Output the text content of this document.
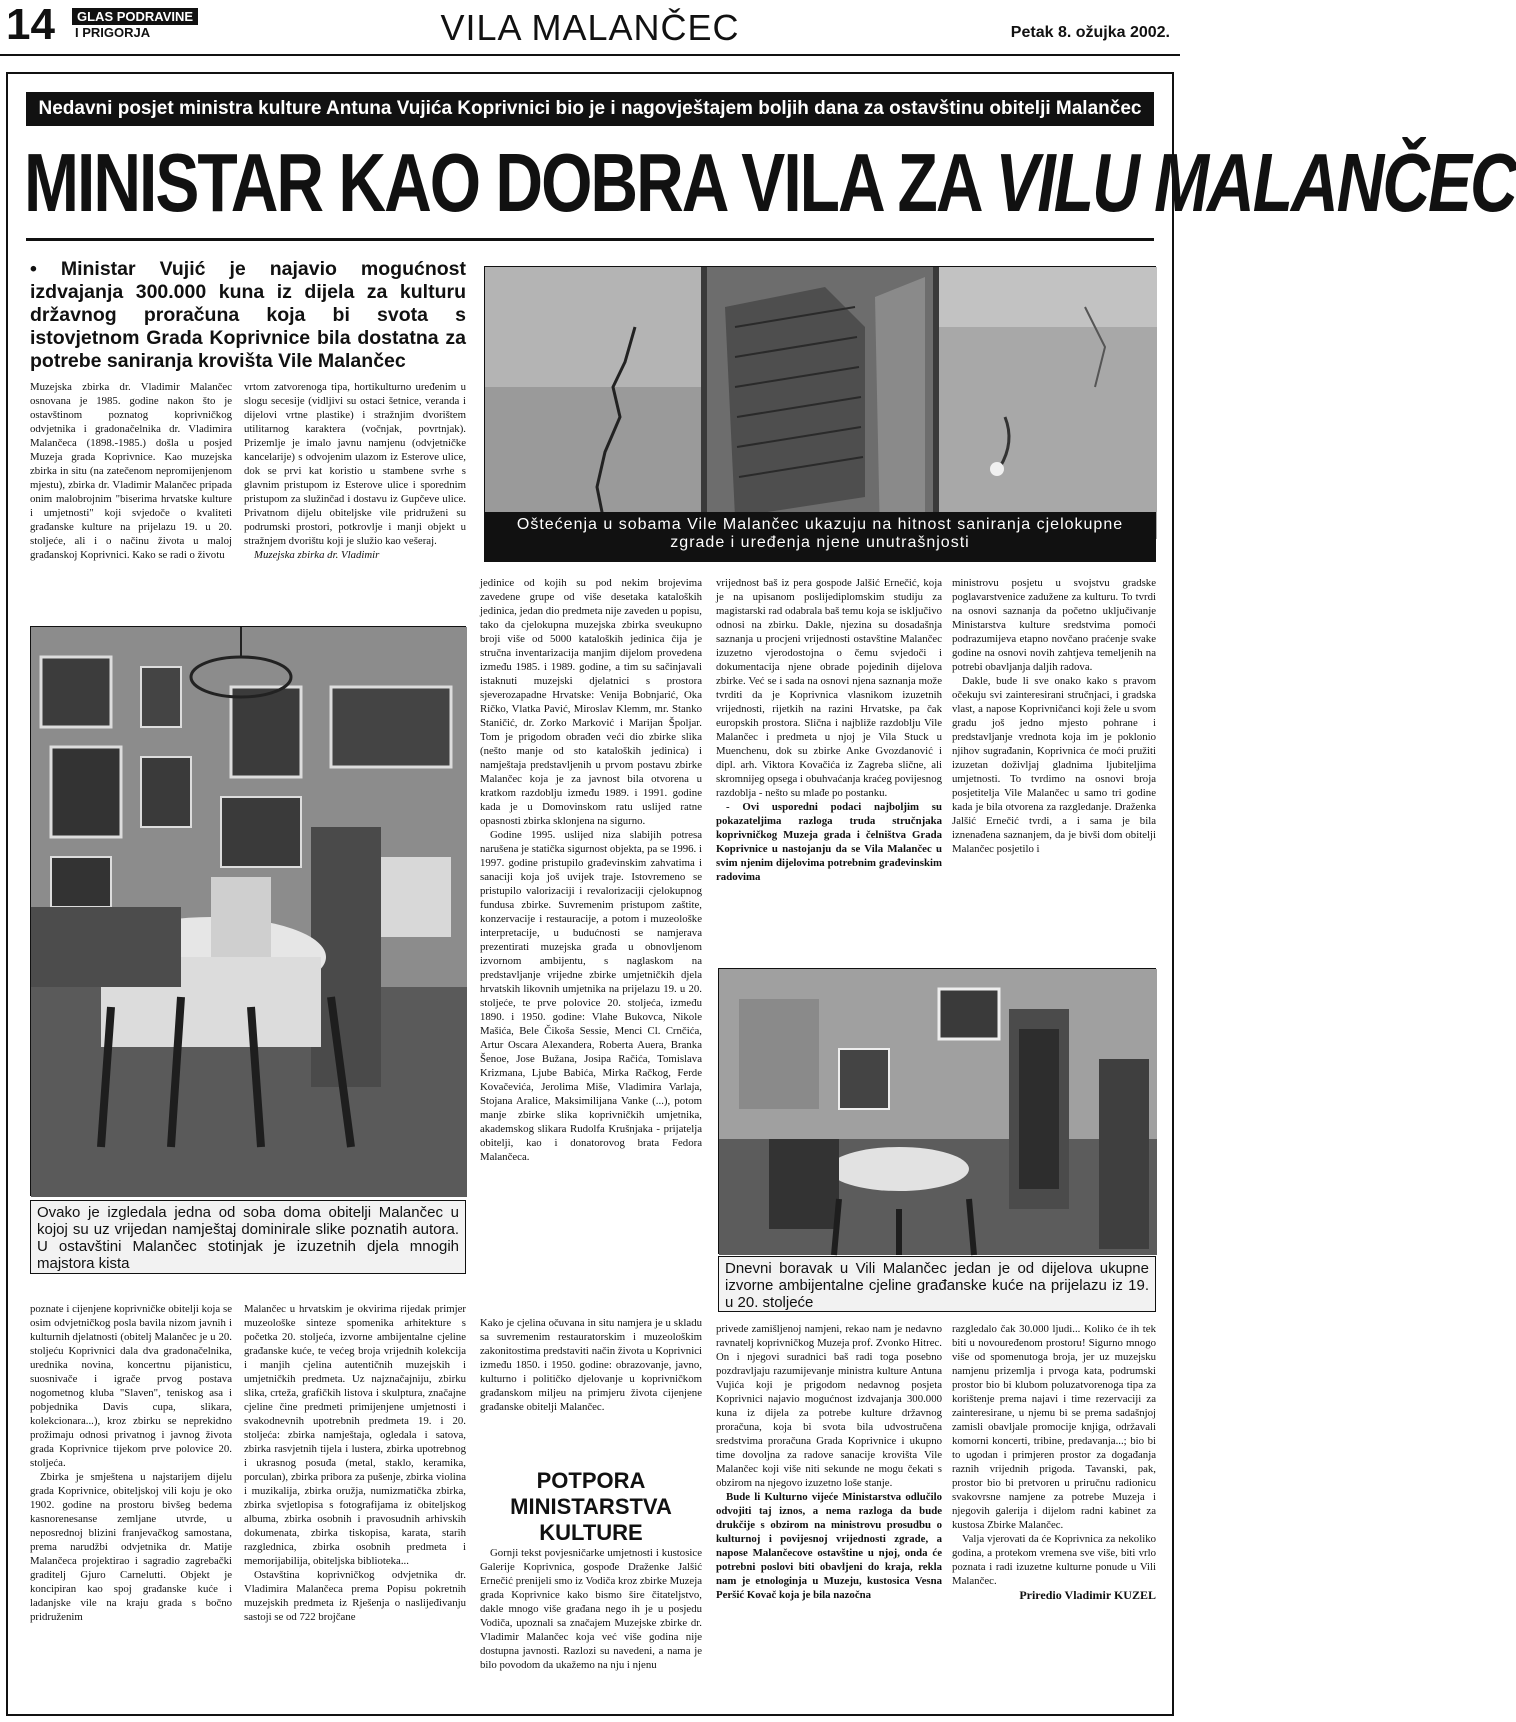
14	GLAS PODRAVINE
I PRIGORJA	VILA MALANČEC	Petak 8. ožujka 2002.
Nedavni posjet ministra kulture Antuna Vujića Koprivnici bio je i nagovještajem boljih dana za ostavštinu obitelji Malančec
MINISTAR KAO DOBRA VILA ZA VILU MALANČEC
• Ministar Vujić je najavio mogućnost izdvajanja 300.000 kuna iz dijela za kulturu državnog proračuna koja bi svota s istovjetnom Grada Koprivnice bila dostatna za potrebe saniranja krovišta Vile Malančec

Muzejska zbirka dr. Vladimir Malančec osnovana je 1985. godine nakon što je ostavštinom poznatog koprivničkog odvjetnika i gradonačelnika dr. Vladimira Malančeca (1898.-1985.) došla u posjed Muzeja grada Koprivnice. Kao muzejska zbirka in situ (na zatečenom nepromijenjenom mjestu), zbirka dr. Vladimir Malančec pripada onim malobrojnim "biserima hrvatske kulture i umjetnosti" koji svjedoče o kvaliteti građanske kulture na prijelazu 19. u 20. stoljeće, ali i o načinu života u maloj građanskoj Koprivnici. Kako se radi o životu

vrtom zatvorenoga tipa, hortikulturno uređenim u slogu secesije (vidljivi su ostaci šetnice, veranda i dijelovi vrtne plastike) i stražnjim dvorištem utilitarnog karaktera (vočnjak, povrtnjak). Prizemlje je imalo javnu namjenu (odvjetničke kancelarije) s odvojenim ulazom iz Esterove ulice, dok se prvi kat koristio u stambene svrhe s glavnim pristupom iz Esterove ulice i sporednim pristupom za služinčad i dostavu iz Gupčeve ulice. Privatnom dijelu obiteljske vile pridruženi su podrumski prostori, potkrovlje i manji objekt u stražnjem dvorištu koji je služio kao vešeraj.

Muzejska zbirka dr. Vladimir

Oštećenja u sobama Vile Malančec ukazuju na hitnost saniranja cjelokupne zgrade i uređenja njene unutrašnjosti
Ovako je izgledala jedna od soba doma obitelji Malančec u kojoj su uz vrijedan namještaj dominirale slike poznatih autora. U ostavštini Malančec stotinjak je izuzetnih djela mnogih majstora kista

jedinice od kojih su pod nekim brojevima zavedene grupe od više desetaka kataloških jedinica, jedan dio predmeta nije zaveden u popisu, tako da cjelokupna muzejska zbirka sveukupno broji više od 5000 kataloških jedinica čija je stručna inventarizacija manjim dijelom provedena između 1985. i 1989. godine, a tim su sačinjavali istaknuti muzejski djelatnici s prostora sjeverozapadne Hrvatske: Venija Bobnjarić, Oka Ričko, Vlatka Pavić, Miroslav Klemm, mr. Stanko Staničić, dr. Zorko Marković i Marijan Špoljar. Tom je prigodom obrađen veći dio zbirke slika (nešto manje od sto kataloških jedinica) i namještaja predstavljenih u prvom postavu zbirke Malančec koja je za javnost bila otvorena u kratkom razdoblju između 1989. i 1991. godine kada je u Domovinskom ratu uslijed ratne opasnosti zbirka sklonjena na sigurno.

Godine 1995. uslijed niza slabijih potresa narušena je statička sigurnost objekta, pa se 1996. i 1997. godine pristupilo građevinskim zahvatima i sanaciji koja još uvijek traje. Istovremeno se pristupilo valorizaciji i revalorizaciji cjelokupnog fundusa zbirke. Suvremenim pristupom zaštite, konzervacije i restauracije, a potom i muzeološke interpretacije, u budućnosti se namjerava prezentirati muzejska građa u obnovljenom izvornom ambijentu, s naglaskom na predstavljanje vrijedne zbirke umjetničkih djela hrvatskih likovnih umjetnika na prijelazu 19. u 20. stoljeće, te prve polovice 20. stoljeća, između 1890. i 1950. godine: Vlahe Bukovca, Nikole Mašića, Bele Čikoša Sessie, Menci Cl. Crnčića, Artur Oscara Alexandera, Roberta Auera, Branka Šenoe, Jose Bužana, Josipa Račića, Tomislava Krizmana, Ljube Babića, Mirka Račkog, Ferde Kovačevića, Jerolima Miše, Vladimira Varlaja, Stojana Aralice, Maksimilijana Vanke (...), potom manje zbirke slika koprivničkih umjetnika, akademskog slikara Rudolfa Krušnjaka - prijatelja obitelji, kao i donatorovog brata Fedora Malančeca.

vrijednost baš iz pera gospode Jalšić Ernečić, koja je na upisanom poslijediplomskim studiju za magistarski rad odabrala baš temu koja se isključivo odnosi na zbirku. Dakle, njezina su dosadašnja saznanja u procjeni vrijednosti ostavštine Malančec izuzetno vjerodostojna o čemu svjedoči i dokumentacija njene obrade pojedinih dijelova zbirke. Već se i sada na osnovi njena saznanja može tvrditi da je Koprivnica vlasnikom izuzetnih vrijednosti, rijetkih na razini Hrvatske, pa čak europskih prostora. Slična i najbliže razdoblju Vile Malančec i predmeta u njoj je Vila Stuck u Muenchenu, dok su zbirke Anke Gvozdanović i dipl. arh. Viktora Kovačića iz Zagreba slične, ali skromnijeg opsega i obuhvaćanja kraćeg povijesnog razdoblja - nešto su mlađe po postanku.

- Ovi usporedni podaci najboljim su pokazateljima razloga truda stručnjaka koprivničkog Muzeja grada i čelništva Grada Koprivnice u nastojanju da se Vila Malančec u svim njenim dijelovima potrebnim građevinskim radovima

ministrovu posjetu u svojstvu gradske poglavarstvenice zadužene za kulturu. To tvrdi na osnovi saznanja da početno uključivanje Ministarstva kulture sredstvima pomoći podrazumijeva etapno novčano praćenje svake godine na osnovi novih zahtjeva temeljenih na potrebi obavljanja daljih radova.

Dakle, bude li sve onako kako s pravom očekuju svi zainteresirani stručnjaci, i gradska vlast, a napose Koprivničanci koji žele u svom gradu još jedno mjesto pohrane i predstavljanje vrednota koja im je poklonio njihov sugrađanin, Koprivnica će moći pružiti izuzetan doživljaj gladnima ljubiteljima umjetnosti. To tvrdimo na osnovi broja posjetitelja Vile Malančec u samo tri godine kada je bila otvorena za razgledanje. Draženka Jalšić Ernečić tvrdi, a i sama je bila iznenađena saznanjem, da je bivši dom obitelji Malančec posjetilo i

Dnevni boravak u Vili Malančec jedan je od dijelova ukupne izvorne ambijentalne cjeline građanske kuće na prijelazu iz 19. u 20. stoljeće

poznate i cijenjene koprivničke obitelji koja se osim odvjetničkog posla bavila nizom javnih i kulturnih djelatnosti (obitelj Malančec je u 20. stoljeću Koprivnici dala dva gradonačelnika, urednika novina, koncertnu pijanisticu, suosnivače i igrače prvog postava nogometnog kluba "Slaven", teniskog asa i pobjednika Davis cupa, slikara, kolekcionara...), kroz zbirku se neprekidno prožimaju odnosi privatnog i javnog života grada Koprivnice tijekom prve polovice 20. stoljeća.

Zbirka je smještena u najstarijem dijelu grada Koprivnice, obiteljskoj vili koju je oko 1902. godine na prostoru bivšeg bedema kasnorenesanse zemljane utvrde, u neposrednoj blizini franjevačkog samostana, prema narudžbi odvjetnika dr. Matije Malančeca projektirao i sagradio zagrebački graditelj Gjuro Carnelutti. Objekt je koncipiran kao spoj građanske kuće i ladanjske vile na kraju grada s bočno pridruženim

Malančec u hrvatskim je okvirima rijedak primjer muzeološke sinteze spomenika arhitekture s početka 20. stoljeća, izvorne ambijentalne cjeline građanske kuće, te većeg broja vrijednih kolekcija i manjih cjelina autentičnih muzejskih i umjetničkih predmeta. Uz najznačajniju, zbirku slika, crteža, grafičkih listova i skulptura, značajne cjeline čine predmeti primijenjene umjetnosti i svakodnevnih upotrebnih predmeta 19. i 20. stoljeća: zbirka namještaja, ogledala i satova, zbirka rasvjetnih tijela i lustera, zbirka upotrebnog i ukrasnog posuđa (metal, staklo, keramika, porculan), zbirka pribora za pušenje, zbirka violina i muzikalija, zbirka oružja, numizmatička zbirka, zbirka svjetlopisa s fotografijama iz obiteljskog albuma, zbirka osobnih i pravosudnih arhivskih dokumenata, zbirka tiskopisa, karata, starih razglednica, zbirka osobnih predmeta i memorijabilija, obiteljska biblioteka...

Ostavština koprivničkog odvjetnika dr. Vladimira Malančeca prema Popisu pokretnih muzejskih predmeta iz Rješenja o naslijeđivanju sastoji se od 722 brojčane

Kako je cjelina očuvana in situ namjera je u skladu sa suvremenim restauratorskim i muzeološkim zakonitostima predstaviti način života u Koprivnici između 1850. i 1950. godine: obrazovanje, javno, kulturno i političko djelovanje u koprivničkom građanskom miljeu na primjeru života cijenjene građanske obitelji Malančec.

POTPORA MINISTARSTVA KULTURE

Gornji tekst povjesničarke umjetnosti i kustosice Galerije Koprivnica, gospođe Draženke Jalšić Ernečić preniјeli smo iz Vodiča kroz zbirke Muzeja grada Koprivnice kako bismo šire čitateljstvo, dakle mnogo više građana nego ih je u posjedu Vodiča, upoznali sa značajem Muzejske zbirke dr. Vladimir Malančec koja već više godina nije dostupna javnosti. Razlozi su navedeni, a nama je bilo povodom da ukažemo na nju i njenu

privede zamišljenoj namjeni, rekao nam je nedavno ravnatelj koprivničkog Muzeja prof. Zvonko Hitrec. On i njegovi suradnici baš radi toga posebno pozdravljaju razumijevanje ministra kulture Antuna Vujića koji je prigodom nedavnog posjeta Koprivnici najavio mogućnost izdvajanja 300.000 kuna iz dijela za potrebe kulture državnog proračuna, koja bi svota bila udvostručena sredstvima proračuna Grada Koprivnice i ukupno time dovoljna za radove sanacije krovišta Vile Malančec koji više niti sekunde ne mogu čekati s obzirom na njegovo izuzetno loše stanje.

Bude li Kulturno vijeće Ministarstva odlučilo odvojiti taj iznos, a nema razloga da bude drukčije s obzirom na ministrovu prosudbu o kulturnoj i povijesnoj vrijednosti zgrade, a napose Malančecove ostavštine u njoj, onda će potrebni poslovi biti obavljeni do kraja, rekla nam je etnologinja u Muzeju, kustosica Vesna Peršić Kovač koja je bila nazočna

razgledalo čak 30.000 ljudi... Koliko će ih tek biti u novouređenom prostoru! Sigurno mnogo više od spomenutoga broja, jer uz muzejsku namjenu prizemlja i prvoga kata, podrumski prostor bio bi klubom poluzatvorenoga tipa za korištenje prema najavi i time rezervaciji za zainteresirane, u njemu bi se prema sadašnjoj zamisli obavljale promocije knjiga, održavali komorni koncerti, tribine, predavanja...; bio bi to ugodan i primjeren prostor za događanja raznih vrijednih prigoda. Tavanski, pak, prostor bio bi pretvoren u priručnu radionicu svakovrsne namjene za potrebe Muzeja i njegovih galerija i dijelom radni kabinet za kustosa Zbirke Malančec.

Valja vjerovati da će Koprivnica za nekoliko godina, a protekom vremena sve više, biti vrlo poznata i radi izuzetne kulturne ponude u Vili Malančec.

Priredio Vladimir KUZEL
